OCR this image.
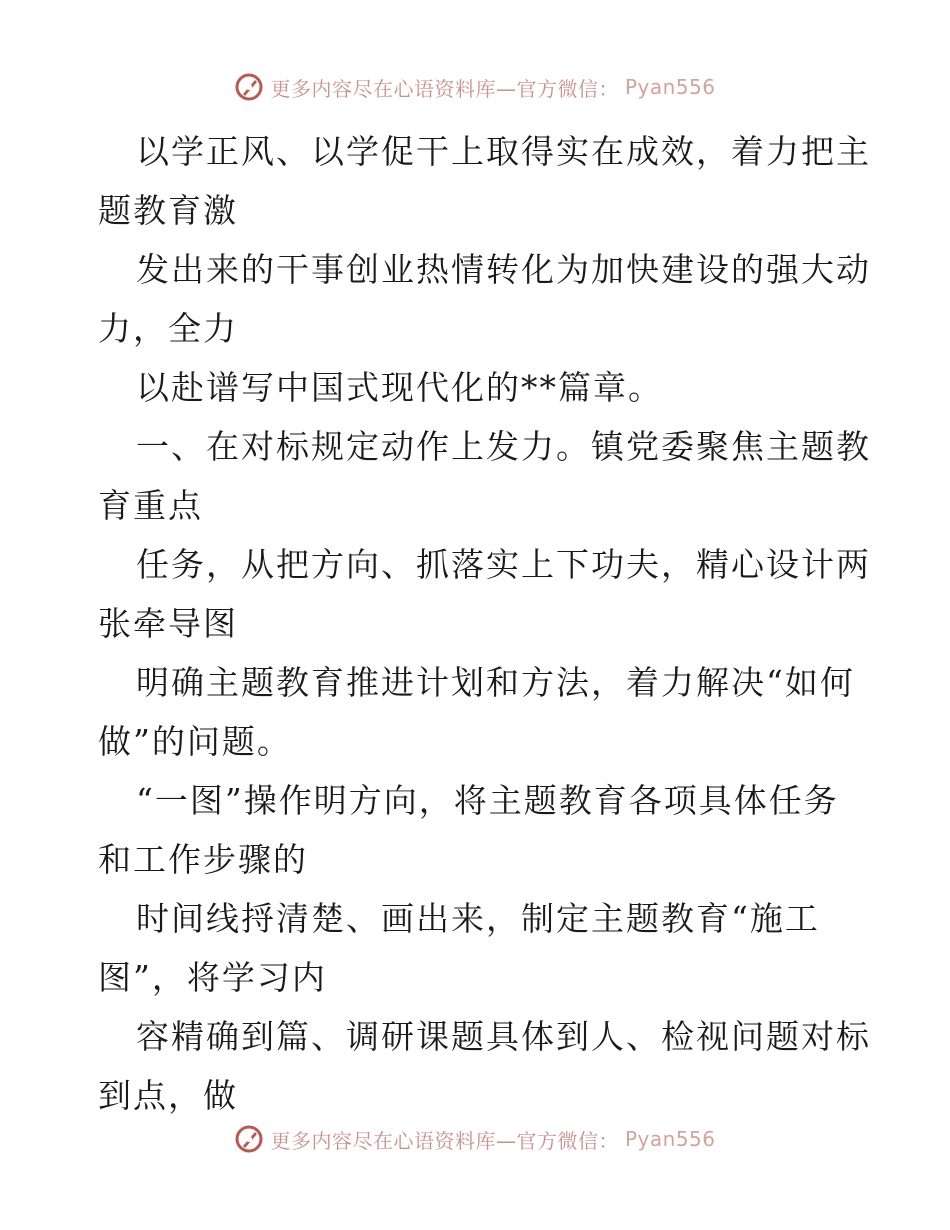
更多内容尽在心语资料库—官方微信： Pyan556
以学正风、以学促干上取得实在成效，着力把主
题教育激
发出来的干事创业热情转化为加快建设的强大动
力，全力
以赴谱写中国式现代化的**篇章。
一、在对标规定动作上发力。镇党委聚焦主题教
育重点
任务，从把方向、抓落实上下功夫，精心设计两
张牵导图
明确主题教育推进计划和方法，着力解决“如何
做”的问题。
“一图”操作明方向，将主题教育各项具体任务
和工作步骤的
时间线捋清楚、画出来，制定主题教育“施工
图”，将学习内
容精确到篇、调研课题具体到人、检视问题对标
到点，做
更多内容尽在心语资料库—官方微信： Pyan556
